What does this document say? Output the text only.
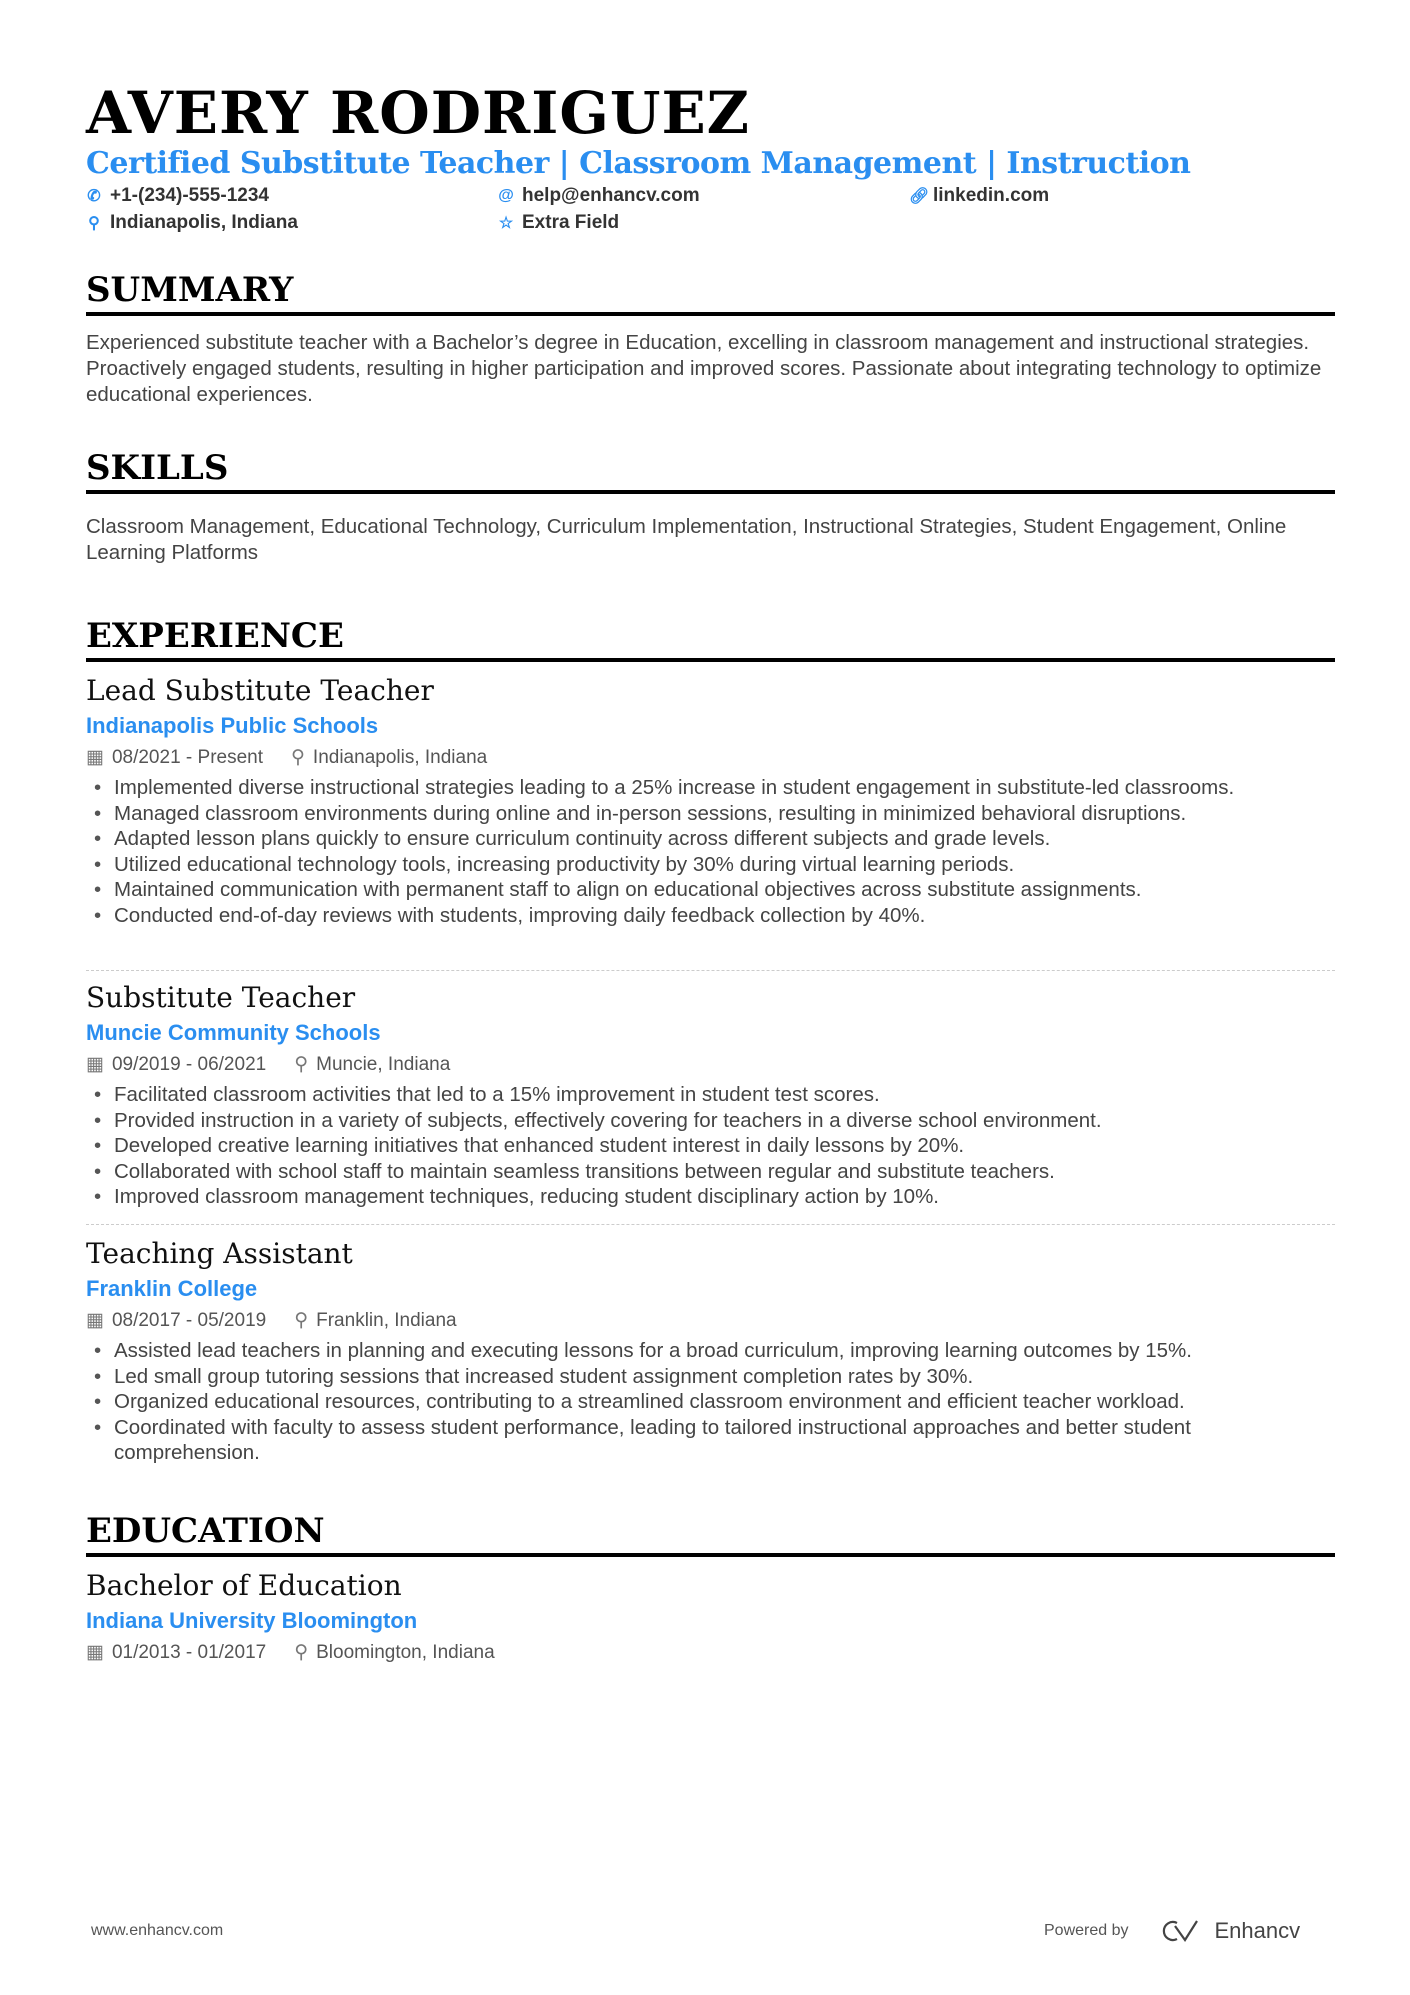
AVERY RODRIGUEZ
Certified Substitute Teacher | Classroom Management | Instruction
✆ +1-(234)-555-1234	@ help@enhancv.com	🔗︎ linkedin.com
⚲ Indianapolis, Indiana	☆ Extra Field
SUMMARY

Experienced substitute teacher with a Bachelor’s degree in Education, excelling in classroom management and instructional strategies. Proactively engaged students, resulting in higher participation and improved scores. Passionate about integrating technology to optimize educational experiences.

SKILLS

Classroom Management, Educational Technology, Curriculum Implementation, Instructional Strategies, Student Engagement, Online Learning Platforms

EXPERIENCE
Lead Substitute Teacher
Indianapolis Public Schools
▦ 08/2021 - Present ⚲ Indianapolis, Indiana
• Implemented diverse instructional strategies leading to a 25% increase in student engagement in substitute-led classrooms.
• Managed classroom environments during online and in-person sessions, resulting in minimized behavioral disruptions.
• Adapted lesson plans quickly to ensure curriculum continuity across different subjects and grade levels.
• Utilized educational technology tools, increasing productivity by 30% during virtual learning periods.
• Maintained communication with permanent staff to align on educational objectives across substitute assignments.
• Conducted end-of-day reviews with students, improving daily feedback collection by 40%.
Substitute Teacher
Muncie Community Schools
▦ 09/2019 - 06/2021 ⚲ Muncie, Indiana
• Facilitated classroom activities that led to a 15% improvement in student test scores.
• Provided instruction in a variety of subjects, effectively covering for teachers in a diverse school environment.
• Developed creative learning initiatives that enhanced student interest in daily lessons by 20%.
• Collaborated with school staff to maintain seamless transitions between regular and substitute teachers.
• Improved classroom management techniques, reducing student disciplinary action by 10%.
Teaching Assistant
Franklin College
▦ 08/2017 - 05/2019 ⚲ Franklin, Indiana
• Assisted lead teachers in planning and executing lessons for a broad curriculum, improving learning outcomes by 15%.
• Led small group tutoring sessions that increased student assignment completion rates by 30%.
• Organized educational resources, contributing to a streamlined classroom environment and efficient teacher workload.
• Coordinated with faculty to assess student performance, leading to tailored instructional approaches and better student comprehension.
EDUCATION
Bachelor of Education
Indiana University Bloomington
▦ 01/2013 - 01/2017 ⚲ Bloomington, Indiana
www.enhancv.com	Powered by	Enhancv
